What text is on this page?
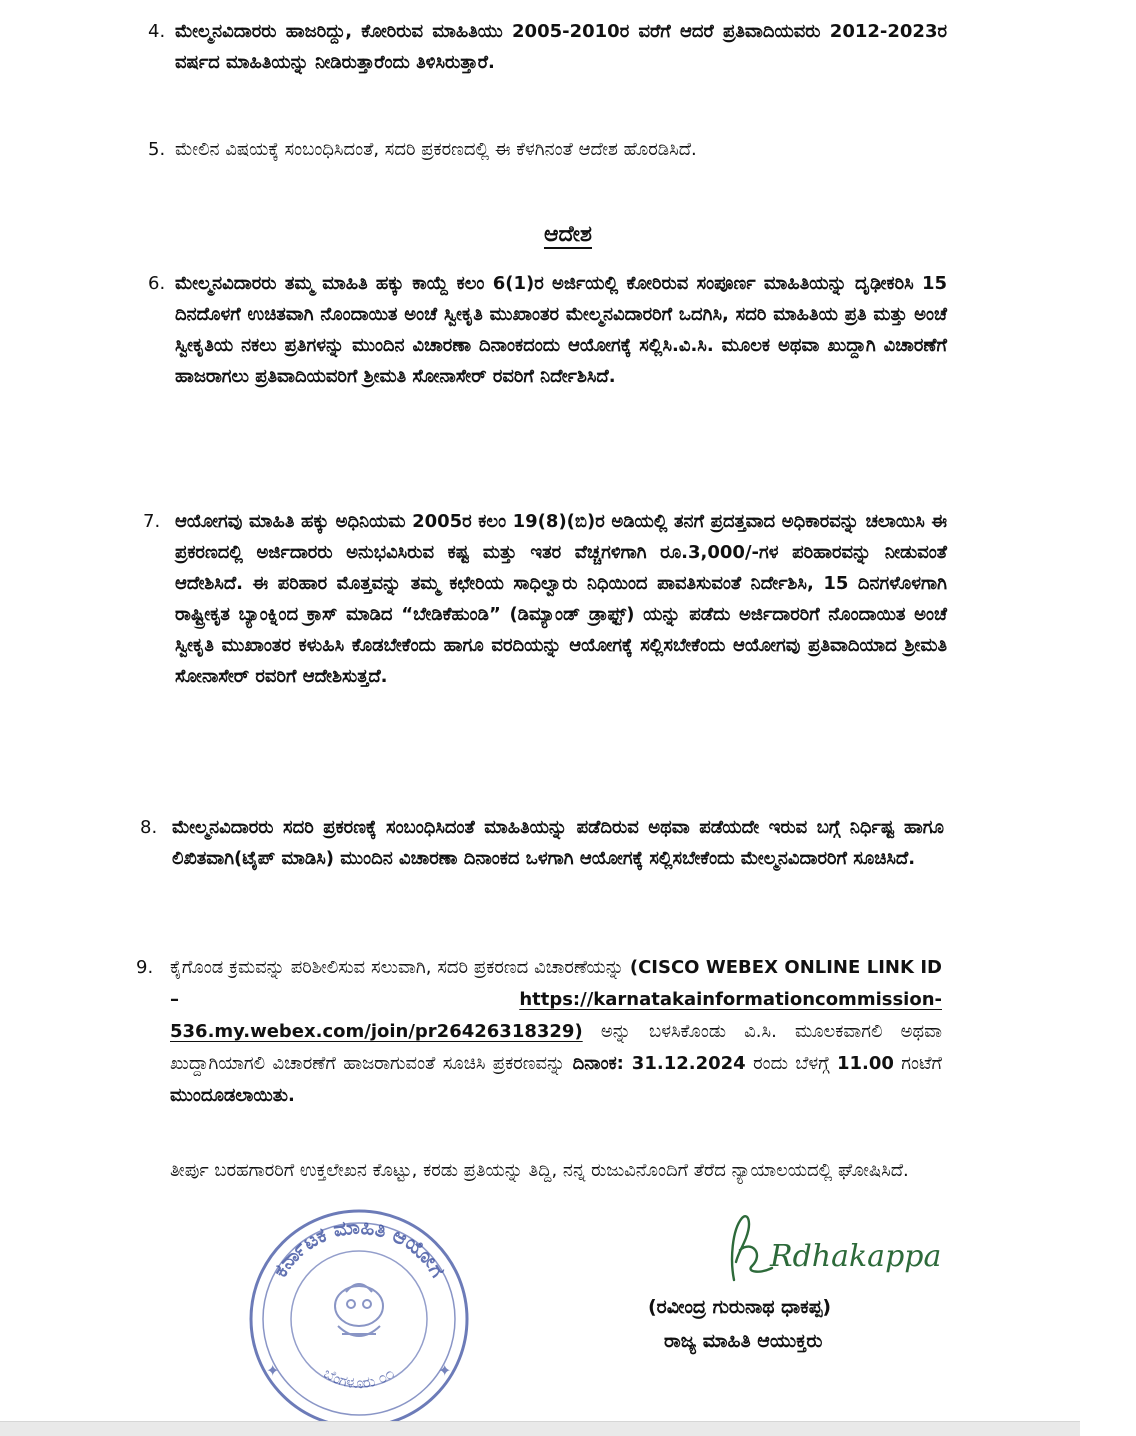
4. ಮೇಲ್ಮನವಿದಾರರು ಹಾಜರಿದ್ದು, ಕೋರಿರುವ ಮಾಹಿತಿಯು 2005-2010ರ ವರೆಗೆ ಆದರೆ ಪ್ರತಿವಾದಿಯವರು 2012-2023ರ ವರ್ಷದ ಮಾಹಿತಿಯನ್ನು ನೀಡಿರುತ್ತಾರೆಂದು ತಿಳಿಸಿರುತ್ತಾರೆ.
5. ಮೇಲಿನ ವಿಷಯಕ್ಕೆ ಸಂಬಂಧಿಸಿದಂತೆ, ಸದರಿ ಪ್ರಕರಣದಲ್ಲಿ ಈ ಕೆಳಗಿನಂತೆ ಆದೇಶ ಹೊರಡಿಸಿದೆ.
ಆದೇಶ
6. ಮೇಲ್ಮನವಿದಾರರು ತಮ್ಮ ಮಾಹಿತಿ ಹಕ್ಕು ಕಾಯ್ದೆ ಕಲಂ 6(1)ರ ಅರ್ಜಿಯಲ್ಲಿ ಕೋರಿರುವ ಸಂಪೂರ್ಣ ಮಾಹಿತಿಯನ್ನು ದೃಢೀಕರಿಸಿ 15 ದಿನದೊಳಗೆ ಉಚಿತವಾಗಿ ನೊಂದಾಯಿತ ಅಂಚೆ ಸ್ವೀಕೃತಿ ಮುಖಾಂತರ ಮೇಲ್ಮನವಿದಾರರಿಗೆ ಒದಗಿಸಿ, ಸದರಿ ಮಾಹಿತಿಯ ಪ್ರತಿ ಮತ್ತು ಅಂಚೆ ಸ್ವೀಕೃತಿಯ ನಕಲು ಪ್ರತಿಗಳನ್ನು ಮುಂದಿನ ವಿಚಾರಣಾ ದಿನಾಂಕದಂದು ಆಯೋಗಕ್ಕೆ ಸಲ್ಲಿಸಿ.ವಿ.ಸಿ. ಮೂಲಕ ಅಥವಾ ಖುದ್ದಾಗಿ ವಿಚಾರಣೆಗೆ ಹಾಜರಾಗಲು ಪ್ರತಿವಾದಿಯವರಿಗೆ ಶ್ರೀಮತಿ ಸೋನಾಸೇರ್ ರವರಿಗೆ ನಿರ್ದೇಶಿಸಿದೆ.
7. ಆಯೋಗವು ಮಾಹಿತಿ ಹಕ್ಕು ಅಧಿನಿಯಮ 2005ರ ಕಲಂ 19(8)(ಬಿ)ರ ಅಡಿಯಲ್ಲಿ ತನಗೆ ಪ್ರದತ್ತವಾದ ಅಧಿಕಾರವನ್ನು ಚಲಾಯಿಸಿ ಈ ಪ್ರಕರಣದಲ್ಲಿ ಅರ್ಜಿದಾರರು ಅನುಭವಿಸಿರುವ ಕಷ್ಟ ಮತ್ತು ಇತರ ವೆಚ್ಚಗಳಿಗಾಗಿ ರೂ.3,000/-ಗಳ ಪರಿಹಾರವನ್ನು ನೀಡುವಂತೆ ಆದೇಶಿಸಿದೆ. ಈ ಪರಿಹಾರ ಮೊತ್ತವನ್ನು ತಮ್ಮ ಕಛೇರಿಯ ಸಾಧಿಲ್ವಾರು ನಿಧಿಯಿಂದ ಪಾವತಿಸುವಂತೆ ನಿರ್ದೇಶಿಸಿ, 15 ದಿನಗಳೊಳಗಾಗಿ ರಾಷ್ಟ್ರೀಕೃತ ಬ್ಯಾಂಕ್ನಿಂದ ಕ್ರಾಸ್ ಮಾಡಿದ “ಬೇಡಿಕೆಹುಂಡಿ” (ಡಿಮ್ಯಾಂಡ್ ಡ್ರಾಫ್ಟ್) ಯನ್ನು ಪಡೆದು ಅರ್ಜಿದಾರರಿಗೆ ನೊಂದಾಯಿತ ಅಂಚೆ ಸ್ವೀಕೃತಿ ಮುಖಾಂತರ ಕಳುಹಿಸಿ ಕೊಡಬೇಕೆಂದು ಹಾಗೂ ವರದಿಯನ್ನು ಆಯೋಗಕ್ಕೆ ಸಲ್ಲಿಸಬೇಕೆಂದು ಆಯೋಗವು ಪ್ರತಿವಾದಿಯಾದ ಶ್ರೀಮತಿ ಸೋನಾಸೇರ್ ರವರಿಗೆ ಆದೇಶಿಸುತ್ತದೆ.
8. ಮೇಲ್ಮನವಿದಾರರು ಸದರಿ ಪ್ರಕರಣಕ್ಕೆ ಸಂಬಂಧಿಸಿದಂತೆ ಮಾಹಿತಿಯನ್ನು ಪಡೆದಿರುವ ಅಥವಾ ಪಡೆಯದೇ ಇರುವ ಬಗ್ಗೆ ನಿರ್ಧಿಷ್ಟ ಹಾಗೂ ಲಿಖಿತವಾಗಿ(ಟೈಪ್ ಮಾಡಿಸಿ) ಮುಂದಿನ ವಿಚಾರಣಾ ದಿನಾಂಕದ ಒಳಗಾಗಿ ಆಯೋಗಕ್ಕೆ ಸಲ್ಲಿಸಬೇಕೆಂದು ಮೇಲ್ಮನವಿದಾರರಿಗೆ ಸೂಚಿಸಿದೆ.
9. ಕೈಗೊಂಡ ಕ್ರಮವನ್ನು ಪರಿಶೀಲಿಸುವ ಸಲುವಾಗಿ, ಸದರಿ ಪ್ರಕರಣದ ವಿಚಾರಣೆಯನ್ನು (CISCO WEBEX ONLINE LINK ID – https://karnatakainformationcommission-536.my.webex.com/join/pr26426318329) ಅನ್ನು ಬಳಸಿಕೊಂಡು ವಿ.ಸಿ. ಮೂಲಕವಾಗಲಿ ಅಥವಾ ಖುದ್ದಾಗಿಯಾಗಲಿ ವಿಚಾರಣೆಗೆ ಹಾಜರಾಗುವಂತೆ ಸೂಚಿಸಿ ಪ್ರಕರಣವನ್ನು ದಿನಾಂಕ: 31.12.2024 ರಂದು ಬೆಳಗ್ಗೆ 11.00 ಗಂಟೆಗೆ ಮುಂದೂಡಲಾಯಿತು.
ತೀರ್ಪು ಬರಹಗಾರರಿಗೆ ಉಕ್ತಲೇಖನ ಕೊಟ್ಟು, ಕರಡು ಪ್ರತಿಯನ್ನು ತಿದ್ದಿ, ನನ್ನ ರುಜುವಿನೊಂದಿಗೆ ತೆರೆದ ನ್ಯಾಯಾಲಯದಲ್ಲಿ ಘೋಷಿಸಿದೆ.
ಕರ್ನಾಟಕ ಮಾಹಿತಿ ಆಯೋಗ
ಬೆಂಗಳೂರು ೦೧
✦	✦
Rdhakappa
(ರವೀಂದ್ರ ಗುರುನಾಥ ಧಾಕಪ್ಪ)
ರಾಜ್ಯ ಮಾಹಿತಿ ಆಯುಕ್ತರು
